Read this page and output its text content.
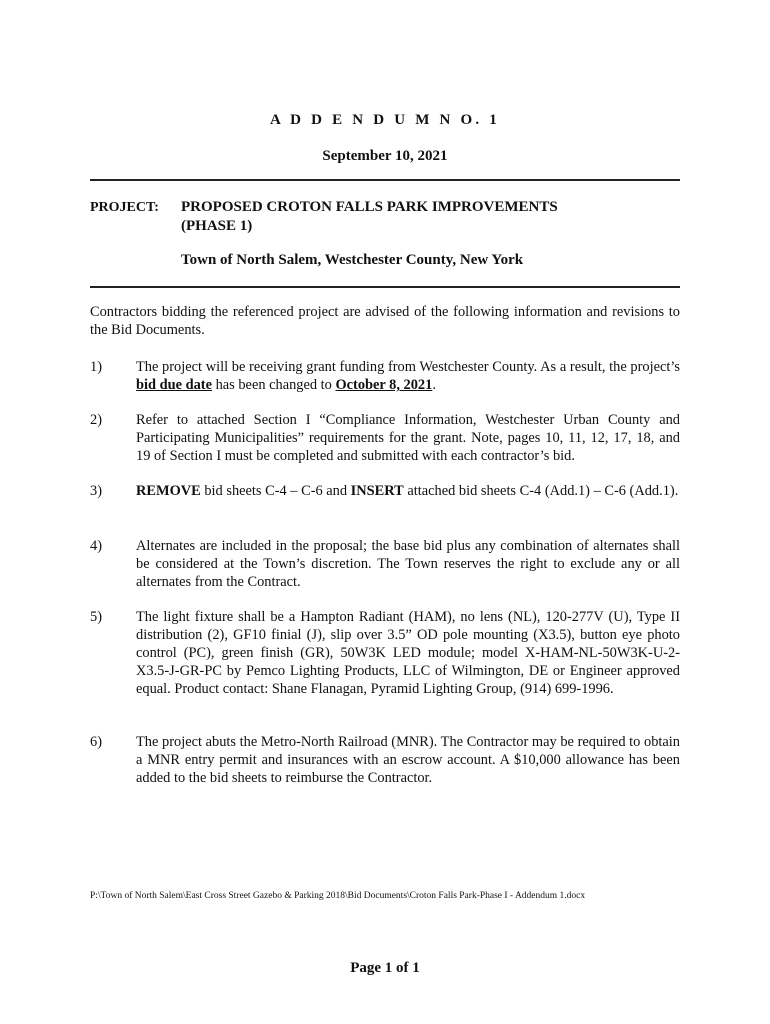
A D D E N D U M N O. 1
September 10, 2021
PROJECT: PROPOSED CROTON FALLS PARK IMPROVEMENTS (PHASE 1)
Town of North Salem, Westchester County, New York
Contractors bidding the referenced project are advised of the following information and revisions to the Bid Documents.
1) The project will be receiving grant funding from Westchester County. As a result, the project’s bid due date has been changed to October 8, 2021.
2) Refer to attached Section I “Compliance Information, Westchester Urban County and Participating Municipalities” requirements for the grant. Note, pages 10, 11, 12, 17, 18, and 19 of Section I must be completed and submitted with each contractor’s bid.
3) REMOVE bid sheets C-4 – C-6 and INSERT attached bid sheets C-4 (Add.1) – C-6 (Add.1).
4) Alternates are included in the proposal; the base bid plus any combination of alternates shall be considered at the Town’s discretion. The Town reserves the right to exclude any or all alternates from the Contract.
5) The light fixture shall be a Hampton Radiant (HAM), no lens (NL), 120-277V (U), Type II distribution (2), GF10 finial (J), slip over 3.5” OD pole mounting (X3.5), button eye photo control (PC), green finish (GR), 50W3K LED module; model X-HAM-NL-50W3K-U-2-X3.5-J-GR-PC by Pemco Lighting Products, LLC of Wilmington, DE or Engineer approved equal. Product contact: Shane Flanagan, Pyramid Lighting Group, (914) 699-1996.
6) The project abuts the Metro-North Railroad (MNR). The Contractor may be required to obtain a MNR entry permit and insurances with an escrow account. A $10,000 allowance has been added to the bid sheets to reimburse the Contractor.
P:\Town of North Salem\East Cross Street Gazebo & Parking 2018\Bid Documents\Croton Falls Park-Phase I - Addendum 1.docx
Page 1 of 1
